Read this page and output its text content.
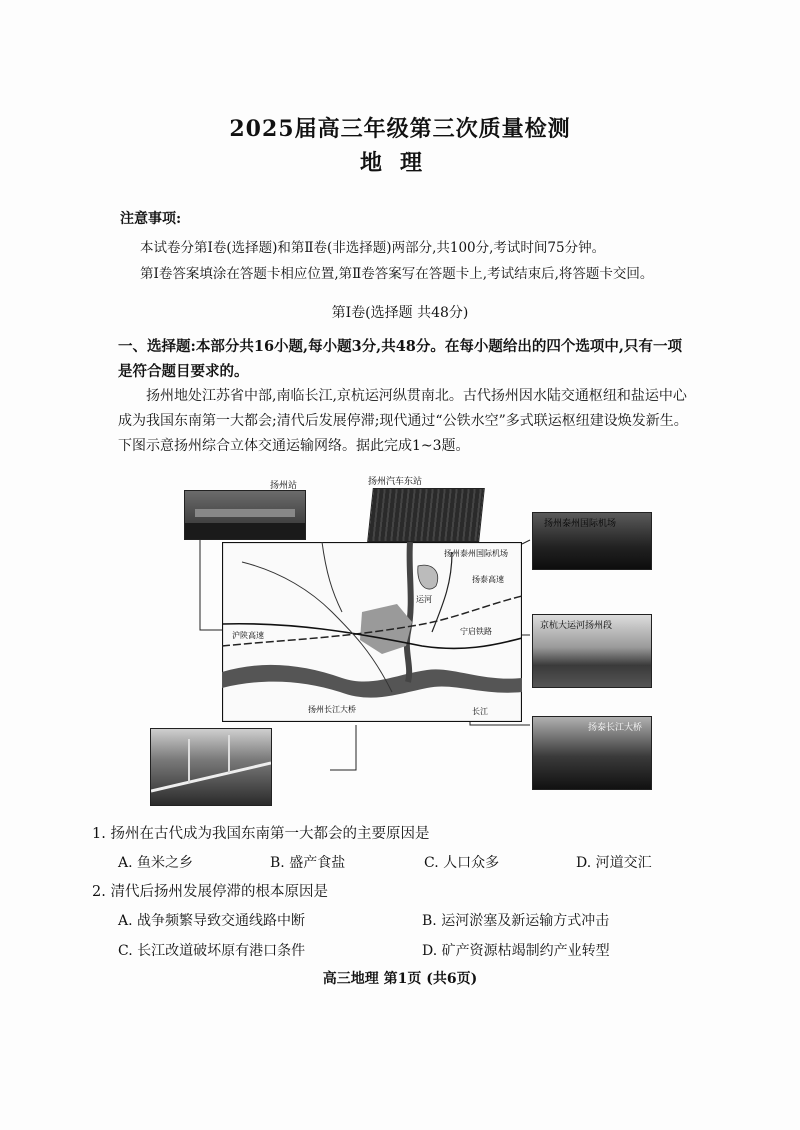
2025届高三年级第三次质量检测
地理
注意事项:
本试卷分第Ⅰ卷(选择题)和第Ⅱ卷(非选择题)两部分,共100分,考试时间75分钟。
第Ⅰ卷答案填涂在答题卡相应位置,第Ⅱ卷答案写在答题卡上,考试结束后,将答题卡交回。
第Ⅰ卷(选择题 共48分)
一、选择题:本部分共16小题,每小题3分,共48分。在每小题给出的四个选项中,只有一项是符合题目要求的。
扬州地处江苏省中部,南临长江,京杭运河纵贯南北。古代扬州因水陆交通枢纽和盐运中心成为我国东南第一大都会;清代后发展停滞;现代通过“公铁水空”多式联运枢纽建设焕发新生。下图示意扬州综合立体交通运输网络。据此完成1~3题。
扬州站	扬州汽车东站
扬州泰州国际机场
京杭大运河扬州段
扬泰长江大桥
扬州泰州国际机场
扬泰高速
沪陕高速	宁启铁路
扬州长江大桥	长江
运河
1. 扬州在古代成为我国东南第一大都会的主要原因是
A. 鱼米之乡	B. 盛产食盐	C. 人口众多	D. 河道交汇
2. 清代后扬州发展停滞的根本原因是
A. 战争频繁导致交通线路中断	B. 运河淤塞及新运输方式冲击
C. 长江改道破坏原有港口条件	D. 矿产资源枯竭制约产业转型
高三地理 第1页 (共6页)
